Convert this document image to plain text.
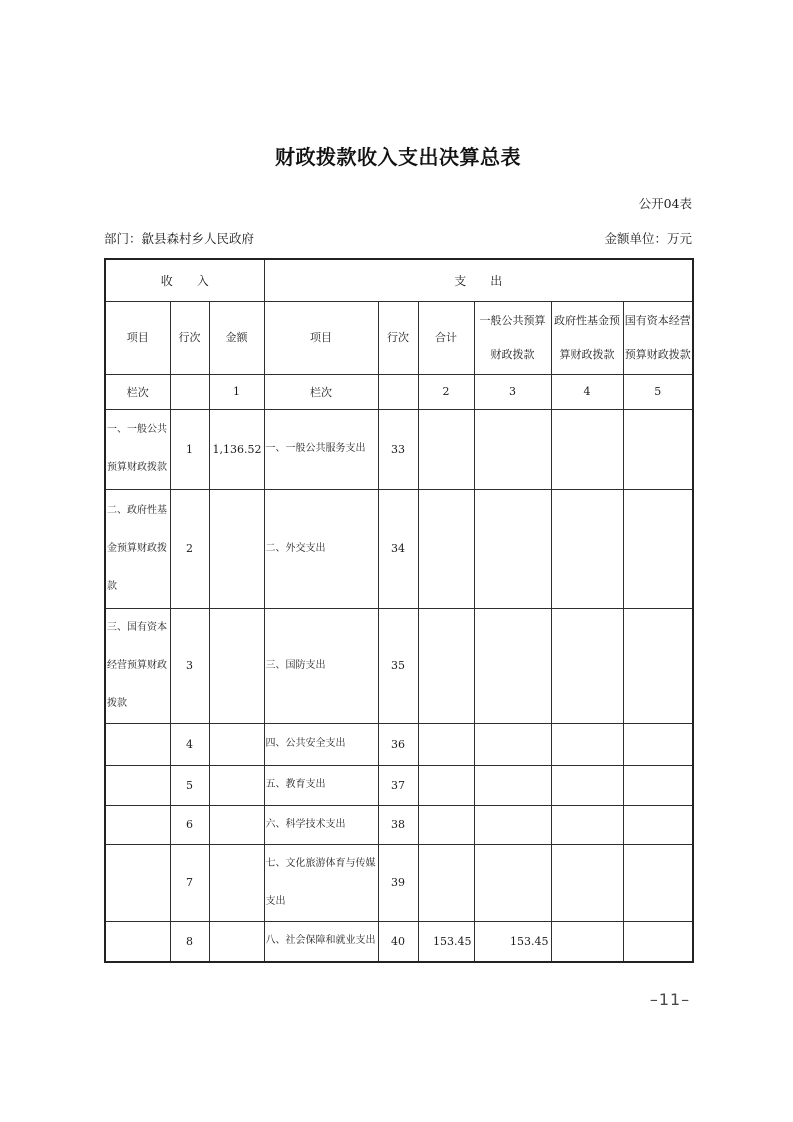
财政拨款收入支出决算总表
公开04表
部门：歙县森村乡人民政府	金额单位：万元
收　　入			支　　出					
项目	行次	金额	项目	行次	合计	一般公共预算财政拨款	政府性基金预算财政拨款	国有资本经营预算财政拨款
栏次		1	栏次		2	3	4	5
一、一般公共预算财政拨款	1	1,136.52	一、一般公共服务支出	33				
二、政府性基金预算财政拨款	2		二、外交支出	34				
三、国有资本经营预算财政拨款	3		三、国防支出	35				
	4		四、公共安全支出	36				
	5		五、教育支出	37				
	6		六、科学技术支出	38				
	7		七、文化旅游体育与传媒支出	39				
	8		八、社会保障和就业支出	40	153.45	153.45		
–11–
